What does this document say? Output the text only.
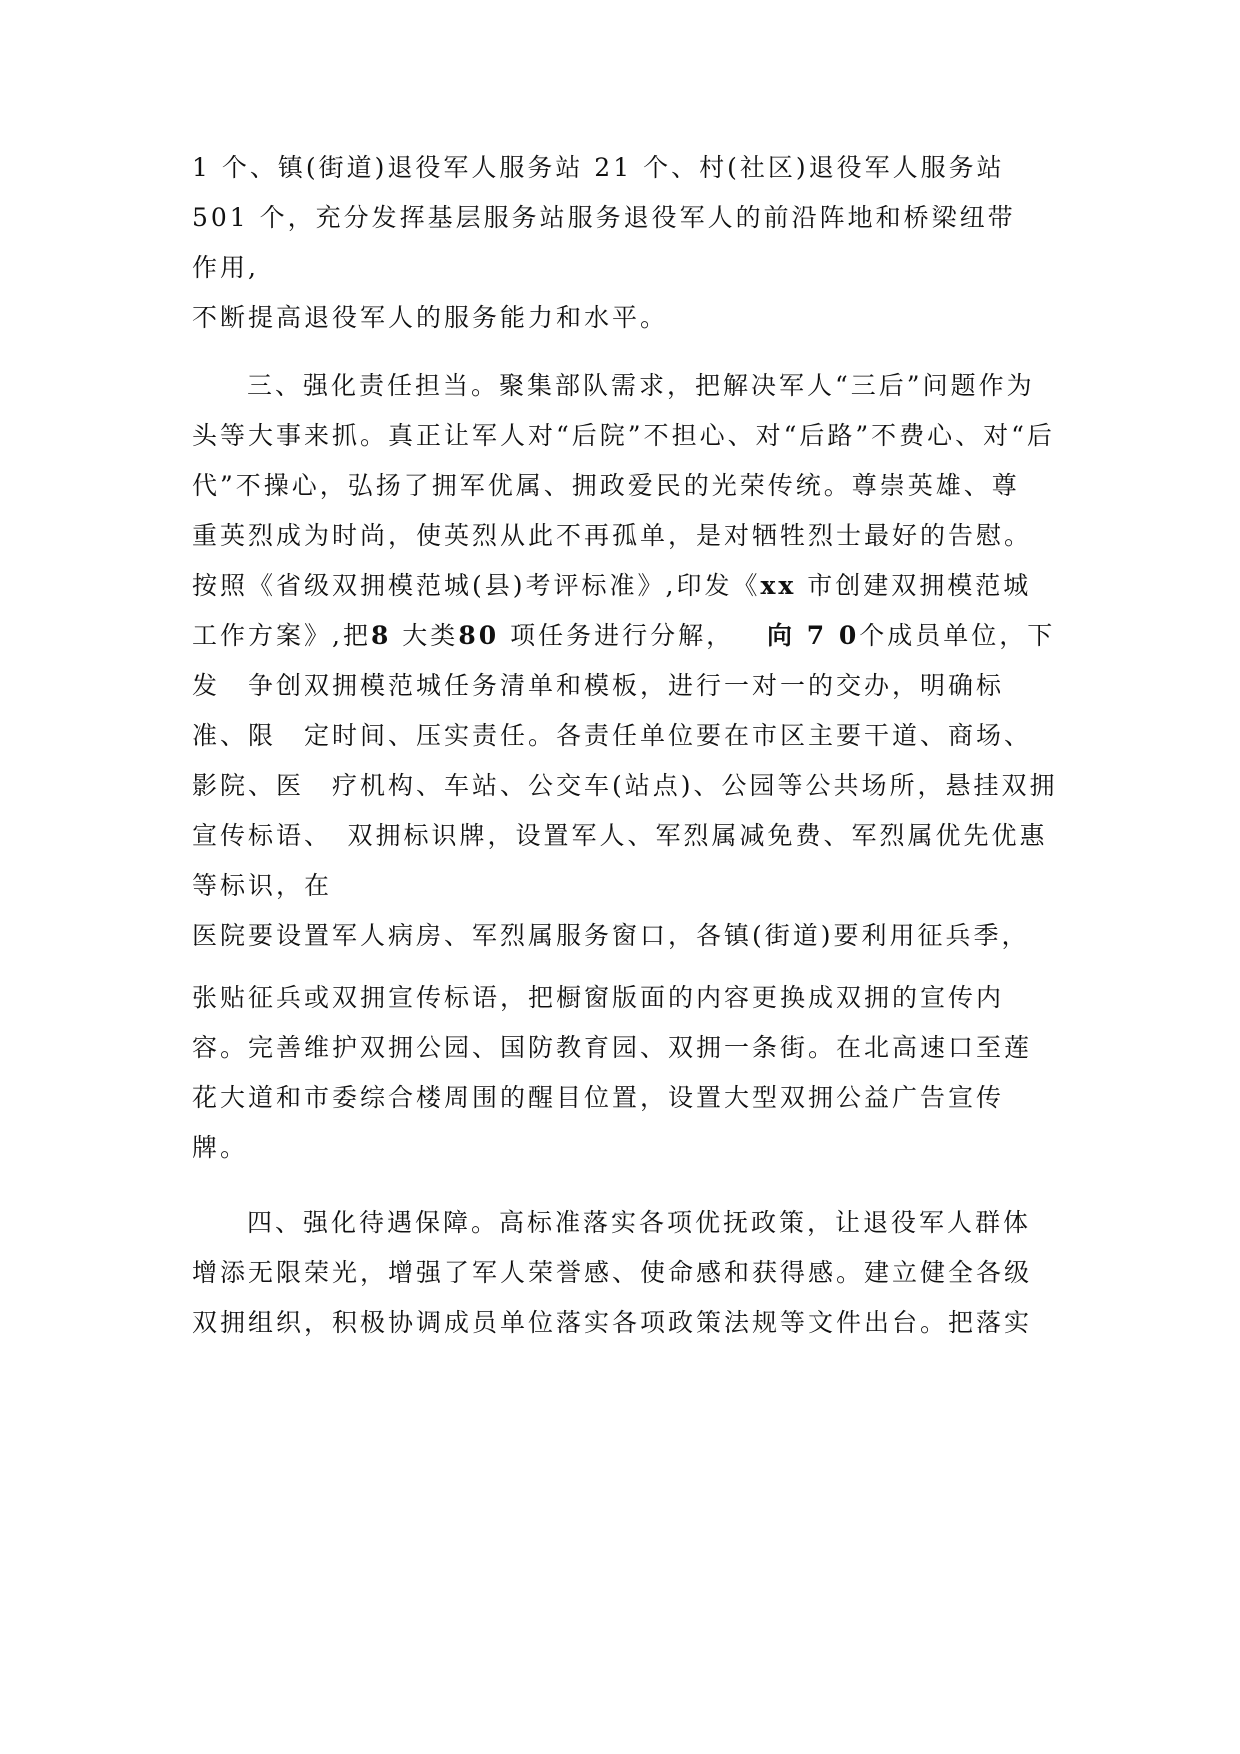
1 个、镇(街道)退役军人服务站 21 个、村(社区)退役军人服务站
501 个，充分发挥基层服务站服务退役军人的前沿阵地和桥梁纽带
作用,
不断提高退役军人的服务能力和水平。
三、强化责任担当。聚集部队需求，把解决军人“三后”问题作为
头等大事来抓。真正让军人对“后院”不担心、对“后路”不费心、对“后
代”不操心，弘扬了拥军优属、拥政爱民的光荣传统。尊崇英雄、尊
重英烈成为时尚，使英烈从此不再孤单，是对牺牲烈士最好的告慰。
按照《省级双拥模范城(县)考评标准》,印发《xx 市创建双拥模范城
工作方案》,把8 大类80 项任务进行分解， 向 7 0个成员单位，下
发　争创双拥模范城任务清单和模板，进行一对一的交办，明确标
准、限　定时间、压实责任。各责任单位要在市区主要干道、商场、
影院、医　疗机构、车站、公交车(站点)、公园等公共场所，悬挂双拥
宣传标语、　双拥标识牌，设置军人、军烈属减免费、军烈属优先优惠
等标识，在
医院要设置军人病房、军烈属服务窗口，各镇(街道)要利用征兵季，
张贴征兵或双拥宣传标语，把橱窗版面的内容更换成双拥的宣传内
容。完善维护双拥公园、国防教育园、双拥一条街。在北高速口至莲
花大道和市委综合楼周围的醒目位置，设置大型双拥公益广告宣传
牌。
四、强化待遇保障。高标准落实各项优抚政策，让退役军人群体
增添无限荣光，增强了军人荣誉感、使命感和获得感。建立健全各级
双拥组织，积极协调成员单位落实各项政策法规等文件出台。把落实
